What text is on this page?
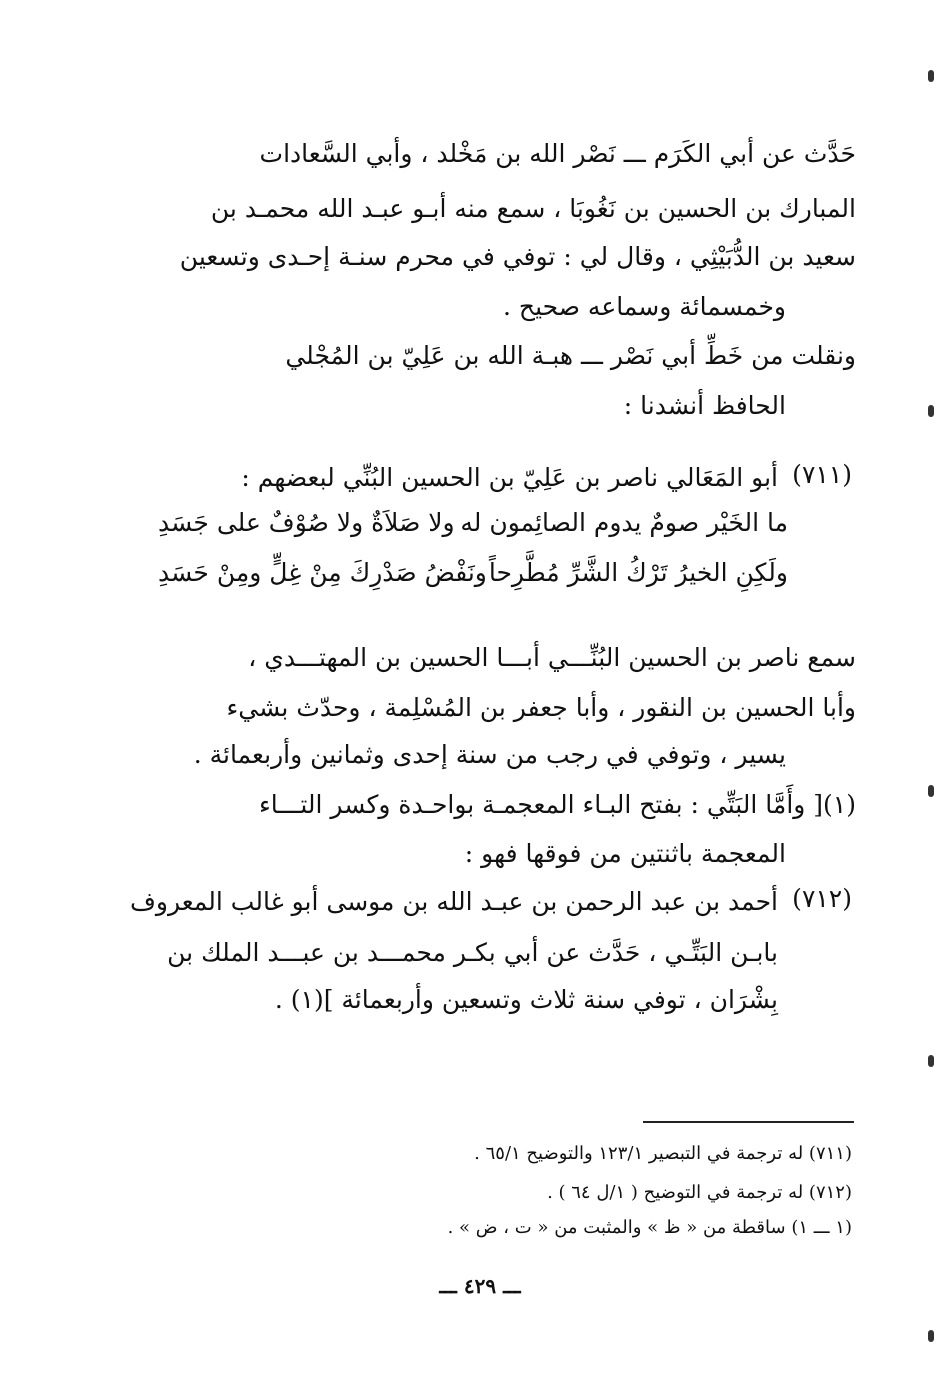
حَدَّث عن أبي الكَرَم ـــ نَصْر الله بن مَخْلد ، وأبي السَّعادات
المبارك بن الحسين بن نَغُوبَا ، سمع منه أبـو عبـد الله محمـد بن
سعيد بن الدُّبَيْثِي ، وقال لي : توفي في محرم سنـة إحـدى وتسعين
وخمسمائة وسماعه صحيح .
ونقلت من خَطِّ أبي نَصْر ـــ هبـة الله بن عَلِيّ بن المُجْلي
الحافظ أنشدنا :
(٧١١)
أبو المَعَالي ناصر بن عَلِيّ بن الحسين البُنِّي لبعضهم :
ما الخَيْر صومٌ يدوم الصائِمون له
ولا صَلاَةٌ ولا صُوْفٌ على جَسَدِ
ولَكِنِ الخيرُ تَرْكُ الشَّرِّ مُطَّرِحاً
ونَفْضُ صَدْرِكَ مِنْ غِلٍّ ومِنْ حَسَدِ
سمع ناصر بن الحسين البُنِّـــي أبـــا الحسين بن المهتـــدي ،
وأبا الحسين بن النقور ، وأبا جعفر بن المُسْلِمة ، وحدّث بشيء
يسير ، وتوفي في رجب من سنة إحدى وثمانين وأربعمائة .
(١)[ وأَمَّا البَتِّي : بفتح البـاء المعجمـة بواحـدة وكسر التـــاء
المعجمة باثنتين من فوقها فهو :
(٧١٢)
أحمد بن عبد الرحمن بن عبـد الله بن موسى أبو غالب المعروف
بابـن البَتِّـي ، حَدَّث عن أبي بكـر محمـــد بن عبـــد الملك بن
بِشْرَان ، توفي سنة ثلاث وتسعين وأربعمائة ](١) .
(٧١١) له ترجمة في التبصير ١٢٣/١ والتوضيح ٦٥/١ .
(٧١٢) له ترجمة في التوضيح ( ١/ل ٦٤ ) .
(١ ـــ ١) ساقطة من « ظ » والمثبت من « ت ، ض » .
ـــ ٤٢٩ ـــ
